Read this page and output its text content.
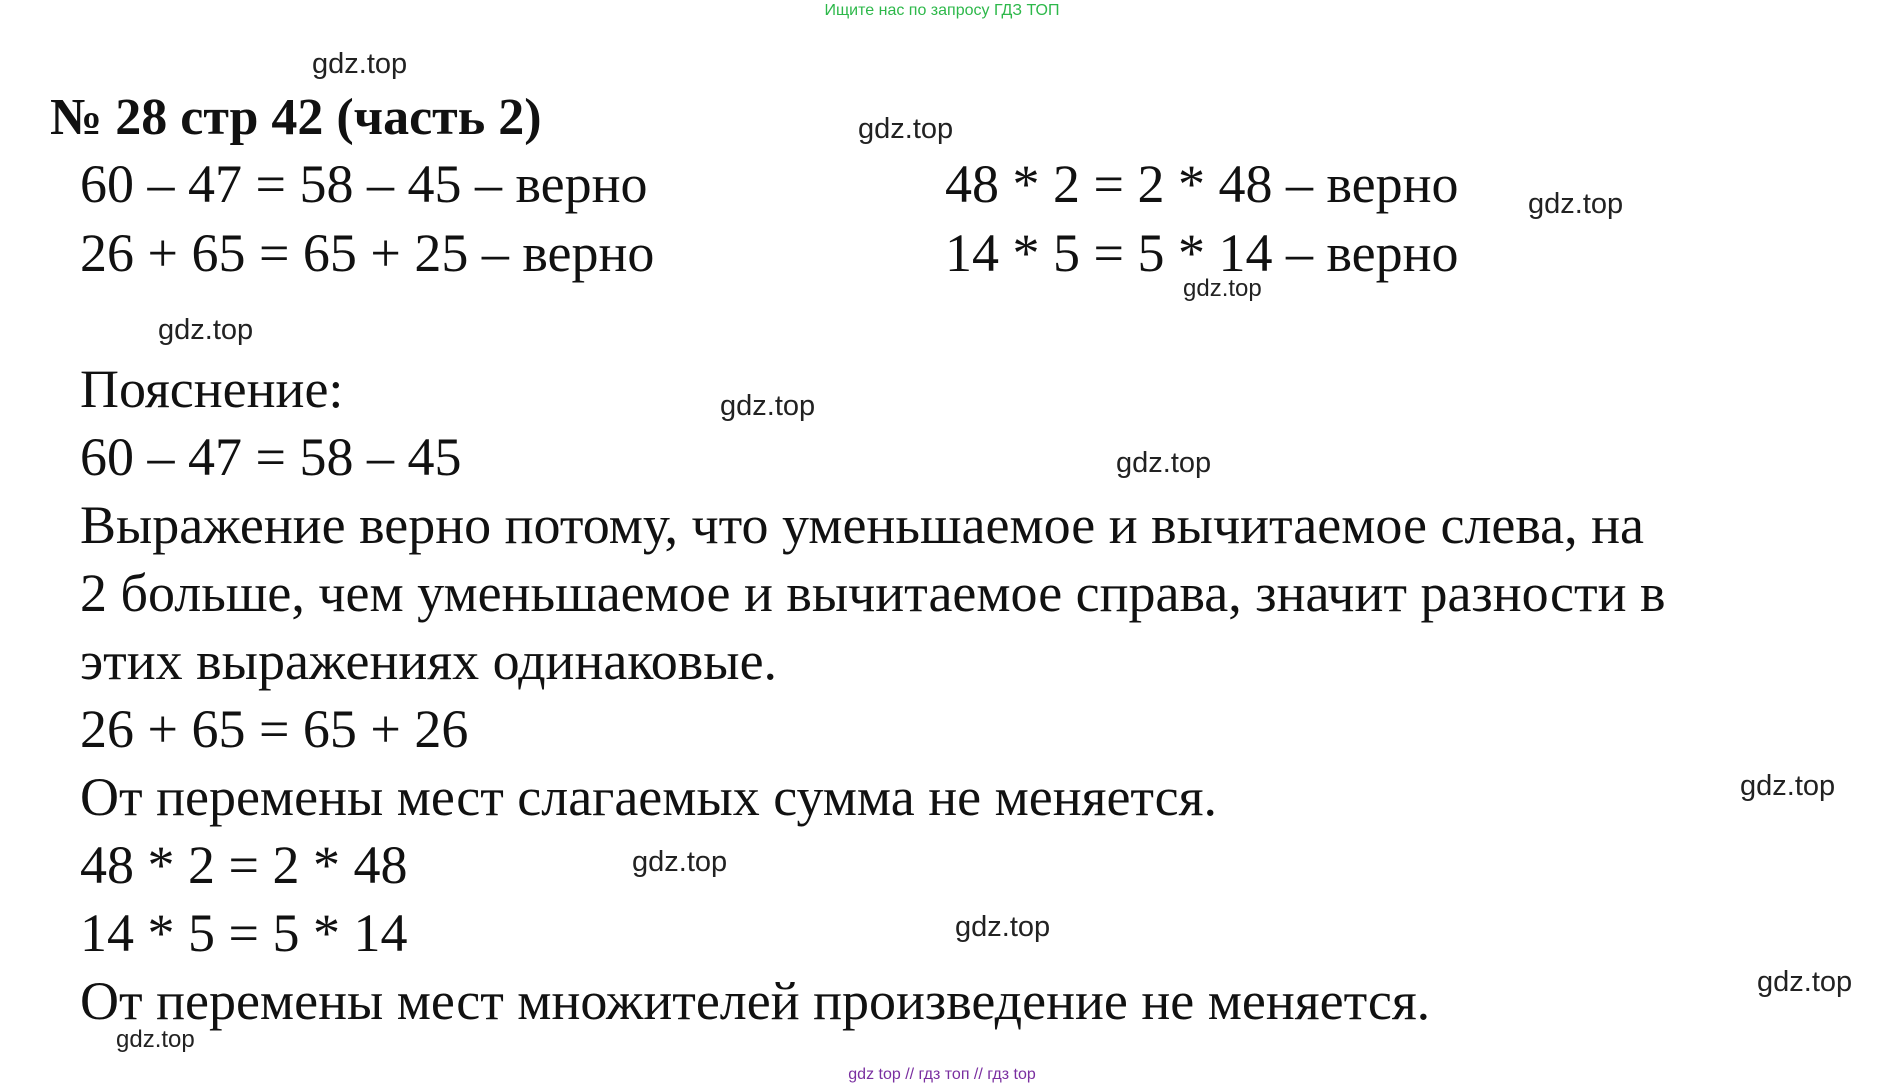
Ищите нас по запросу ГДЗ ТОП
№ 28 стр 42 (часть 2)
60 – 47 = 58 – 45 – верно
26 + 65 = 65 + 25 – верно
48 * 2 = 2 * 48 – верно
14 * 5 = 5 * 14 – верно
Пояснение:
60 – 47 = 58 – 45
Выражение верно потому, что уменьшаемое и вычитаемое слева, на
2 больше, чем уменьшаемое и вычитаемое справа, значит разности в
этих выражениях одинаковые.
26 + 65 = 65 + 26
От перемены мест слагаемых сумма не меняется.
48 * 2 = 2 * 48
14 * 5 = 5 * 14
От перемены мест множителей произведение не меняется.
gdz.top
gdz.top
gdz.top
gdz.top
gdz.top
gdz.top
gdz.top
gdz.top
gdz.top
gdz.top
gdz.top
gdz.top
gdz top // гдз топ // гдз top
